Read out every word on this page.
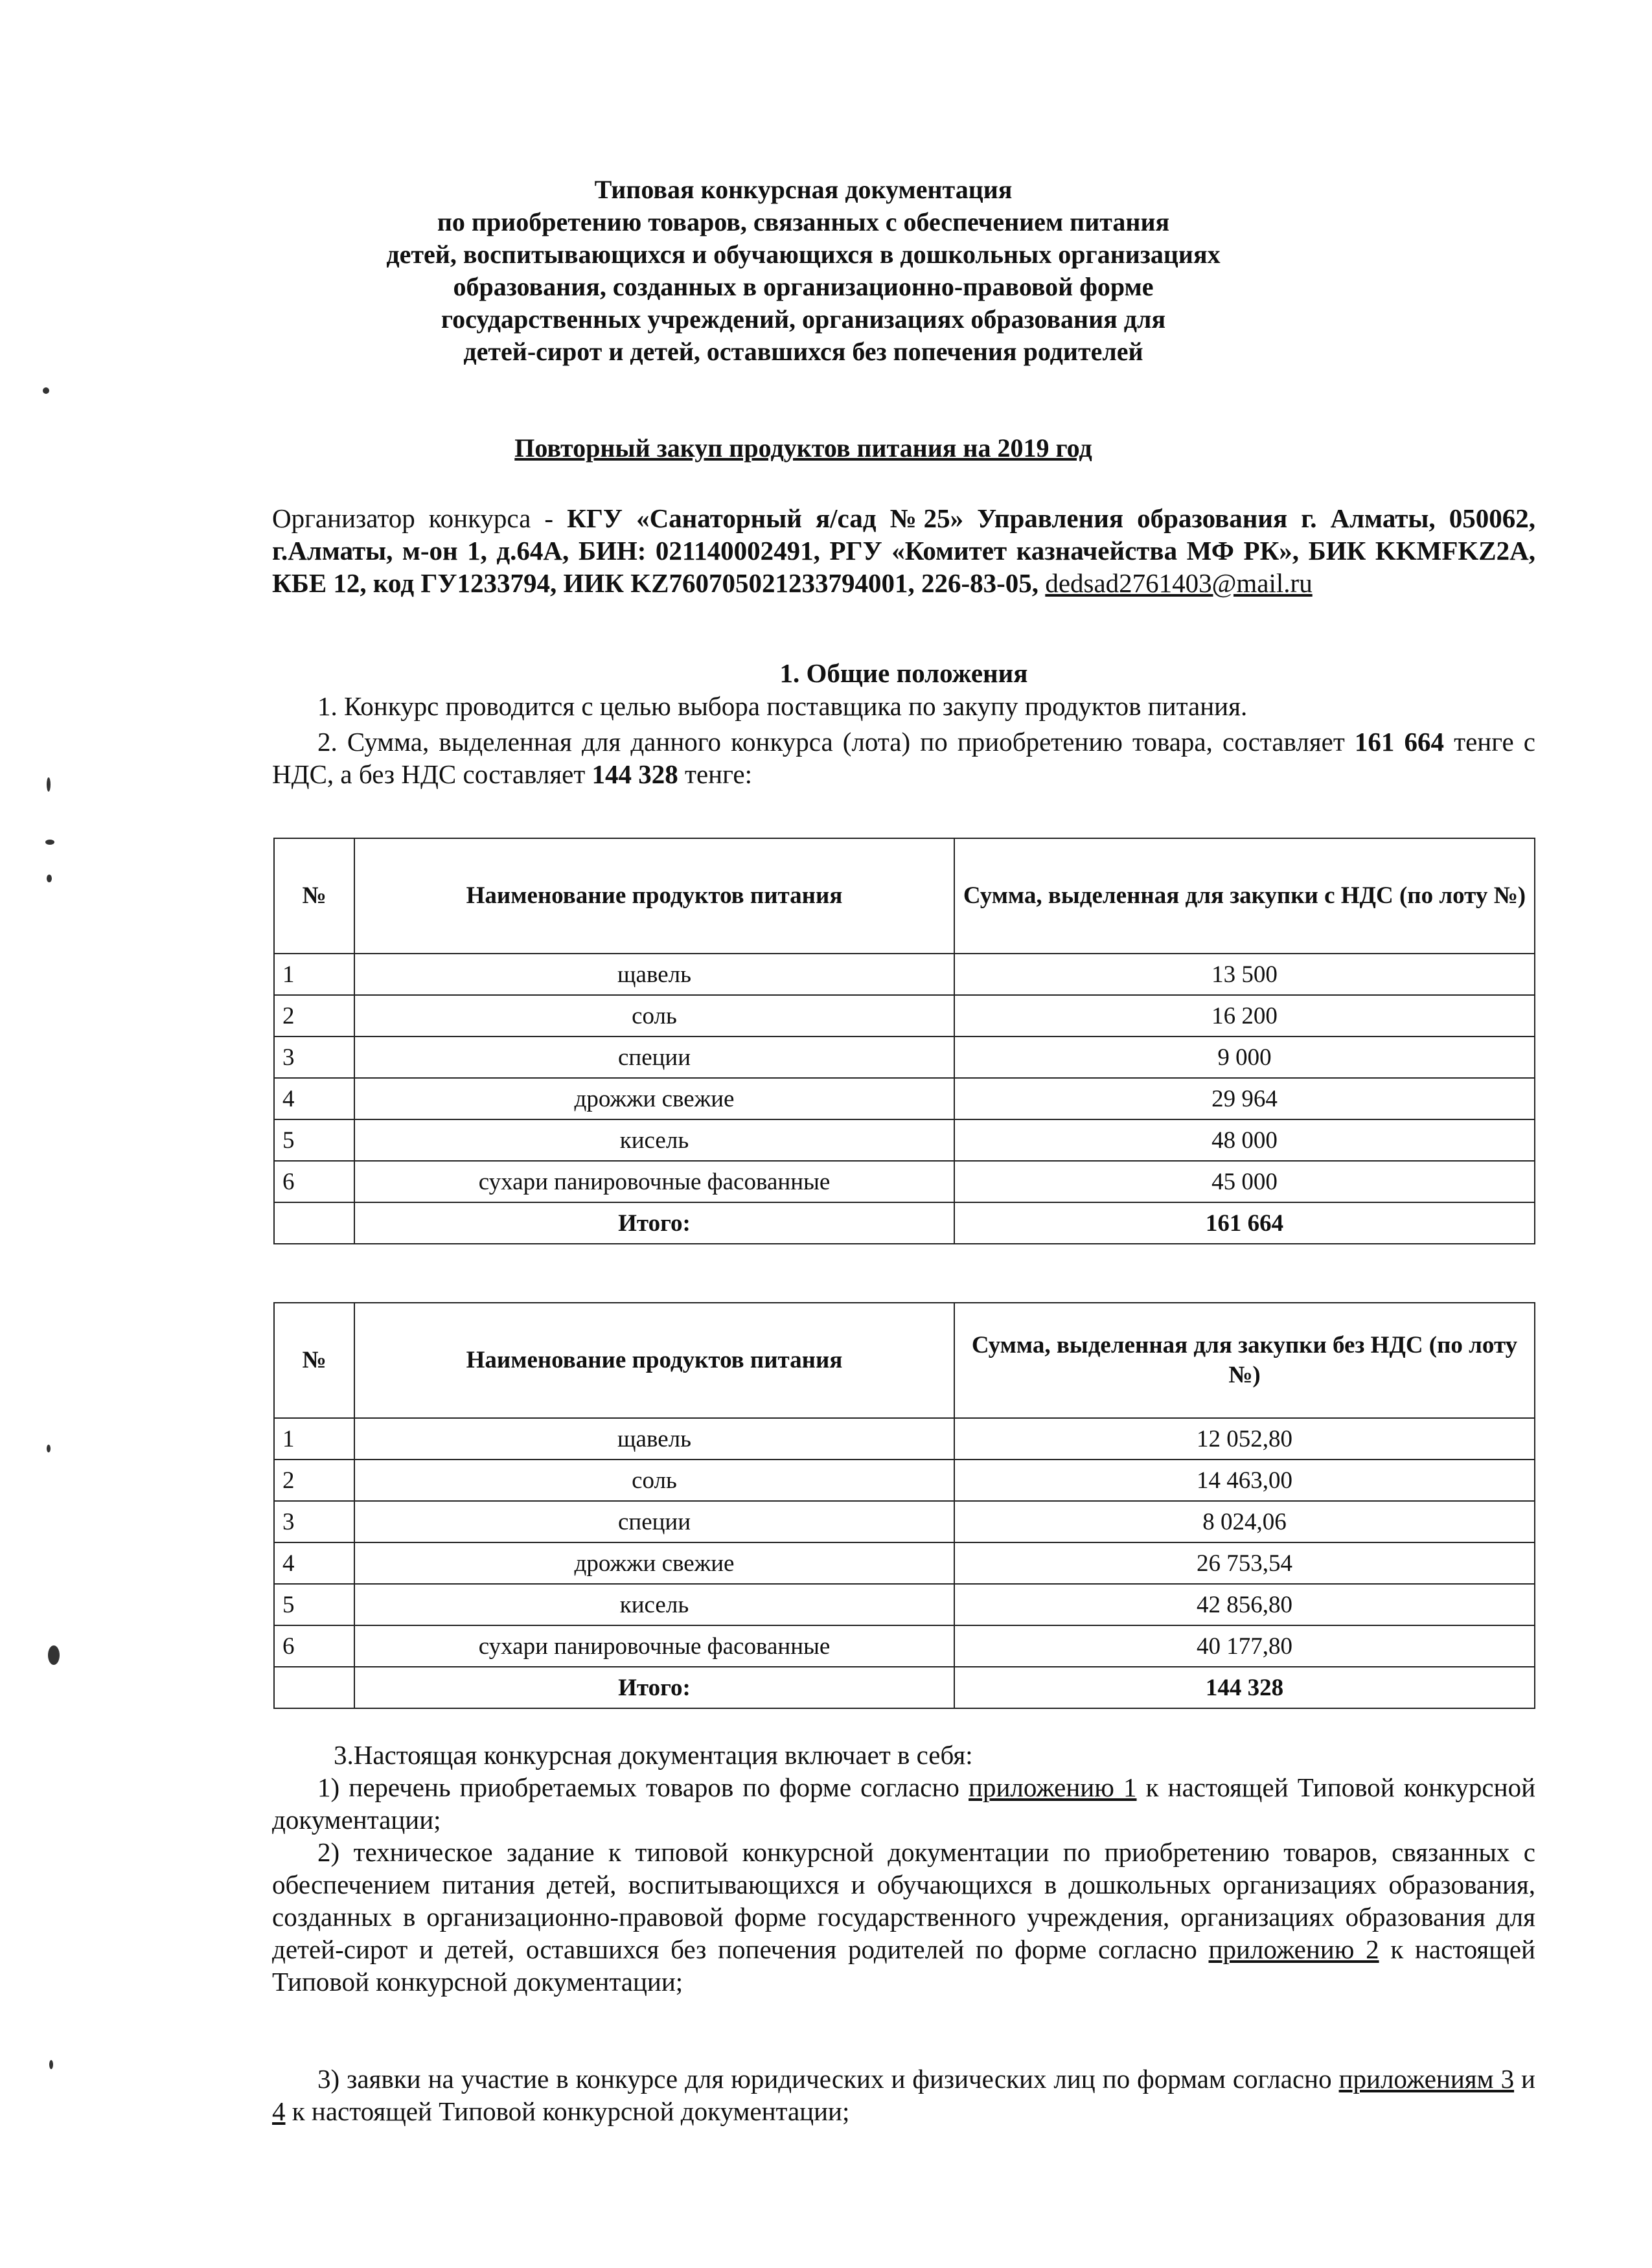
Типовая конкурсная документация
по приобретению товаров, связанных с обеспечением питания
детей, воспитывающихся и обучающихся в дошкольных организациях
образования, созданных в организационно-правовой форме
государственных учреждений, организациях образования для
детей-сирот и детей, оставшихся без попечения родителей
Повторный закуп продуктов питания на 2019 год
Организатор конкурса - КГУ «Санаторный я/сад №25» Управления образования г. Алматы, 050062, г.Алматы, м-он 1, д.64А, БИН: 021140002491, РГУ «Комитет казначейства МФ РК», БИК KKMFKZ2A, КБЕ 12, код ГУ1233794, ИИК KZ760705021233794001, 226-83-05, dedsad2761403@mail.ru
1. Общие положения
1. Конкурс проводится с целью выбора поставщика по закупу продуктов питания.
2. Сумма, выделенная для данного конкурса (лота) по приобретению товара, составляет 161 664 тенге с НДС, а без НДС составляет 144 328 тенге:
№	Наименование продуктов питания	Сумма, выделенная для закупки с НДС (по лоту №)
1	щавель	13 500
2	соль	16 200
3	специи	9 000
4	дрожжи свежие	29 964
5	кисель	48 000
6	сухари панировочные фасованные	45 000
	Итого:	161 664
№	Наименование продуктов питания	Сумма, выделенная для закупки без НДС (по лоту №)
1	щавель	12 052,80
2	соль	14 463,00
3	специи	8 024,06
4	дрожжи свежие	26 753,54
5	кисель	42 856,80
6	сухари панировочные фасованные	40 177,80
	Итого:	144 328
3.Настоящая конкурсная документация включает в себя:
1) перечень приобретаемых товаров по форме согласно приложению 1 к настоящей Типовой конкурсной документации;
2) техническое задание к типовой конкурсной документации по приобретению товаров, связанных с обеспечением питания детей, воспитывающихся и обучающихся в дошкольных организациях образования, созданных в организационно-правовой форме государственного учреждения, организациях образования для детей-сирот и детей, оставшихся без попечения родителей по форме согласно приложению 2 к настоящей Типовой конкурсной документации;
3) заявки на участие в конкурсе для юридических и физических лиц по формам согласно приложениям 3 и 4 к настоящей Типовой конкурсной документации;
